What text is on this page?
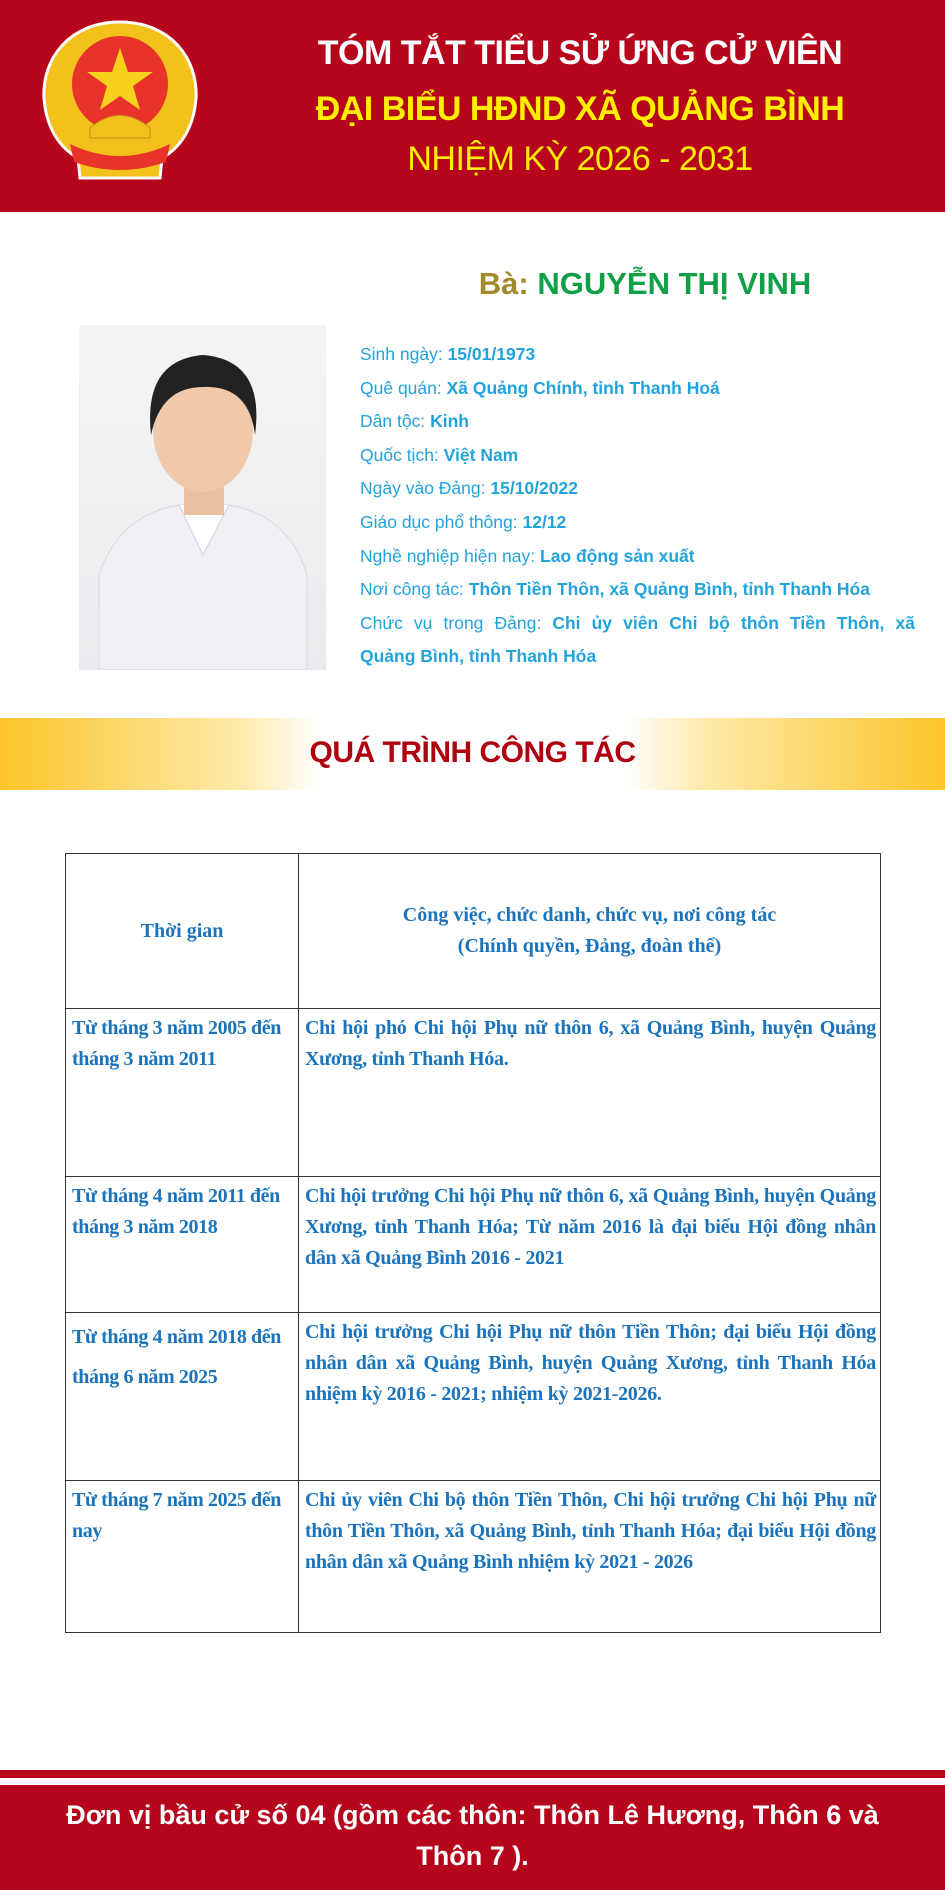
TÓM TẮT TIỂU SỬ ỨNG CỬ VIÊN
ĐẠI BIỂU HĐND XÃ QUẢNG BÌNH
NHIỆM KỲ 2026 - 2031
Bà: NGUYỄN THỊ VINH
Sinh ngày: 15/01/1973
Quê quán: Xã Quảng Chính, tỉnh Thanh Hoá
Dân tộc: Kinh
Quốc tịch: Việt Nam
Ngày vào Đảng: 15/10/2022
Giáo dục phổ thông: 12/12
Nghề nghiệp hiện nay: Lao động sản xuất
Nơi công tác: Thôn Tiền Thôn, xã Quảng Bình, tỉnh Thanh Hóa
Chức vụ trong Đảng: Chi ủy viên Chi bộ thôn Tiền Thôn, xã
Quảng Bình, tỉnh Thanh Hóa
QUÁ TRÌNH CÔNG TÁC
Thời gian	Công việc, chức danh, chức vụ, nơi công tác
(Chính quyền, Đảng, đoàn thể)

Từ tháng 3 năm 2005 đến tháng 3 năm 2011	Chi hội phó Chi hội Phụ nữ thôn 6, xã Quảng Bình, huyện Quảng Xương, tỉnh Thanh Hóa.
Từ tháng 4 năm 2011 đến tháng 3 năm 2018	Chi hội trưởng Chi hội Phụ nữ thôn 6, xã Quảng Bình, huyện Quảng Xương, tỉnh Thanh Hóa; Từ năm 2016 là đại biểu Hội đồng nhân dân xã Quảng Bình 2016 - 2021
Từ tháng 4 năm 2018 đến tháng 6 năm 2025	Chi hội trưởng Chi hội Phụ nữ thôn Tiền Thôn; đại biểu Hội đồng nhân dân xã Quảng Bình, huyện Quảng Xương, tỉnh Thanh Hóa nhiệm kỳ 2016 - 2021; nhiệm kỳ 2021-2026.
Từ tháng 7 năm 2025 đến nay	Chi ủy viên Chi bộ thôn Tiền Thôn, Chi hội trưởng Chi hội Phụ nữ thôn Tiền Thôn, xã Quảng Bình, tỉnh Thanh Hóa; đại biểu Hội đồng nhân dân xã Quảng Bình nhiệm kỳ 2021 - 2026
Đơn vị bầu cử số 04 (gồm các thôn: Thôn Lê Hương, Thôn 6 và Thôn 7 ).
